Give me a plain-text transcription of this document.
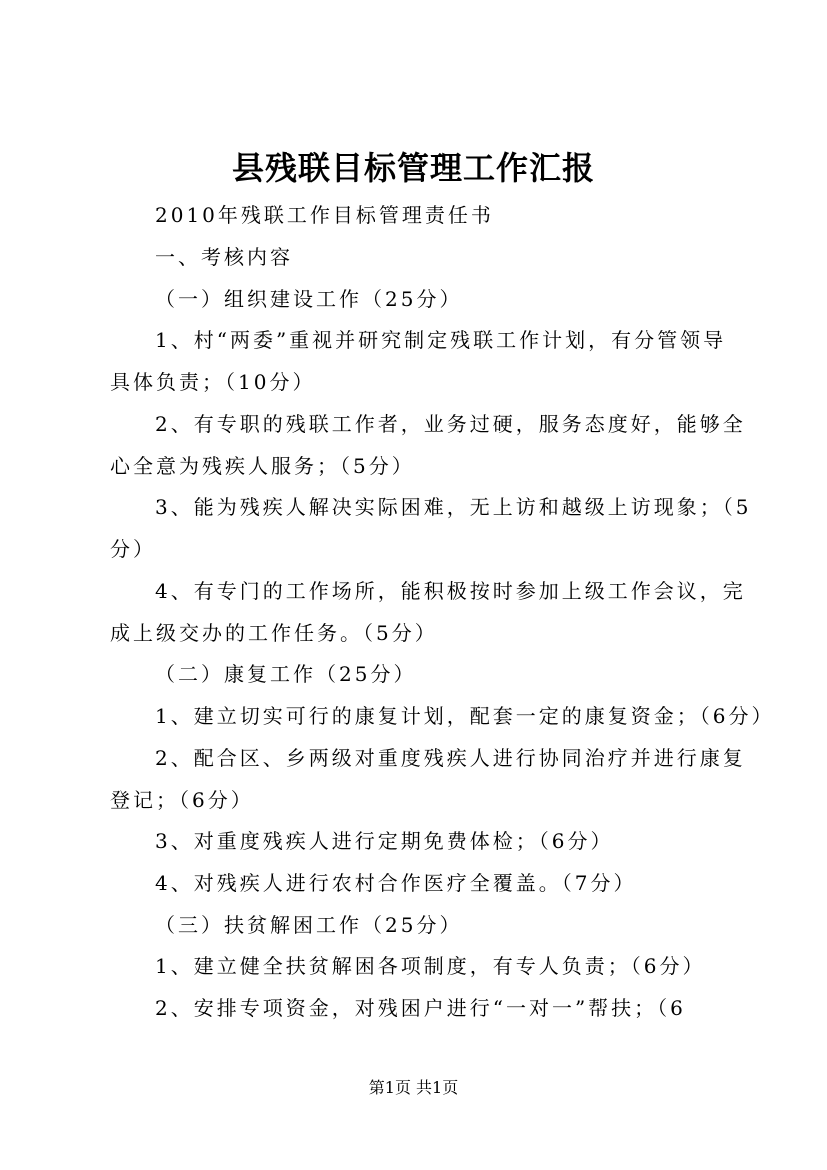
县残联目标管理工作汇报
2010年残联工作目标管理责任书
一、考核内容
（一）组织建设工作（25分）
1、村“两委”重视并研究制定残联工作计划，有分管领导
具体负责；（10分）
2、有专职的残联工作者，业务过硬，服务态度好，能够全
心全意为残疾人服务；（5分）
3、能为残疾人解决实际困难，无上访和越级上访现象；（5
分）
4、有专门的工作场所，能积极按时参加上级工作会议，完
成上级交办的工作任务。（5分）
（二）康复工作（25分）
1、建立切实可行的康复计划，配套一定的康复资金；（6分）
2、配合区、乡两级对重度残疾人进行协同治疗并进行康复
登记；（6分）
3、对重度残疾人进行定期免费体检；（6分）
4、对残疾人进行农村合作医疗全覆盖。（7分）
（三）扶贫解困工作（25分）
1、建立健全扶贫解困各项制度，有专人负责；（6分）
2、安排专项资金，对残困户进行“一对一”帮扶；（6
第1页 共1页
